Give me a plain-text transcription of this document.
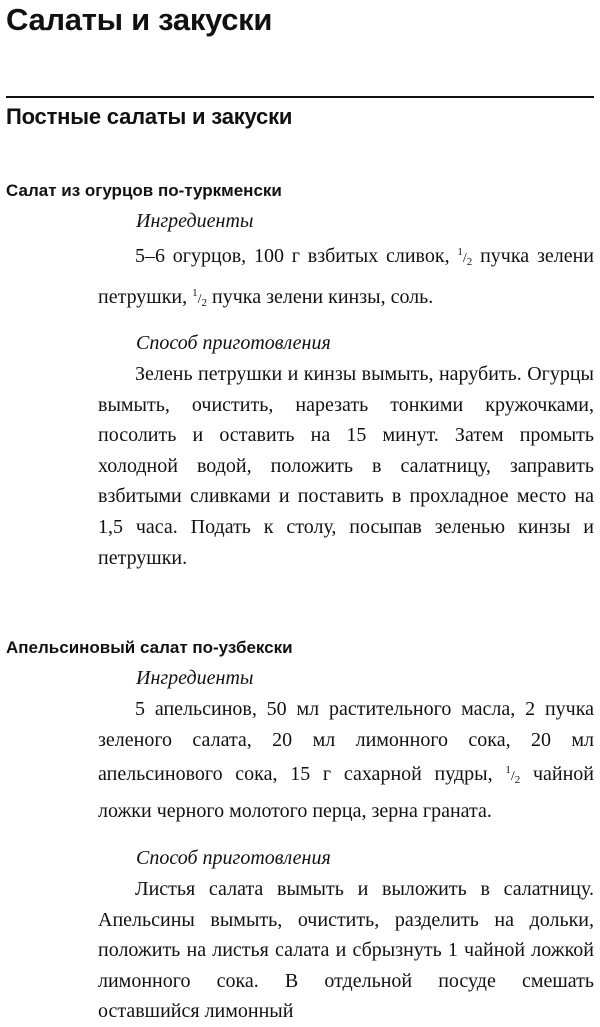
Салаты и закуски
Постные салаты и закуски
Салат из огурцов по-туркменски

Ингредиенты

5–6 огурцов, 100 г взбитых сливок, $^1/_2$ пучка зелени петрушки, $^1/_2$ пучка зелени кинзы, соль.

Способ приготовления

Зелень петрушки и кинзы вымыть, нарубить. Огурцы вымыть, очистить, нарезать тонкими кружочками, посолить и оставить на 15 минут. Затем промыть холодной водой, положить в салатницу, заправить взбитыми сливками и поставить в прохладное место на 1,5 часа. Подать к столу, посыпав зеленью кинзы и петрушки.

Апельсиновый салат по-узбекски

Ингредиенты

5 апельсинов, 50 мл растительного масла, 2 пучка зеленого салата, 20 мл лимонного сока, 20 мл апельсинового сока, 15 г сахарной пудры, $^1/_2$ чайной ложки черного молотого перца, зерна граната.

Способ приготовления

Листья салата вымыть и выложить в салатницу. Апельсины вымыть, очистить, разделить на дольки, положить на листья салата и сбрызнуть 1 чайной ложкой лимонного сока. В отдельной посуде смешать оставшийся лимонный
